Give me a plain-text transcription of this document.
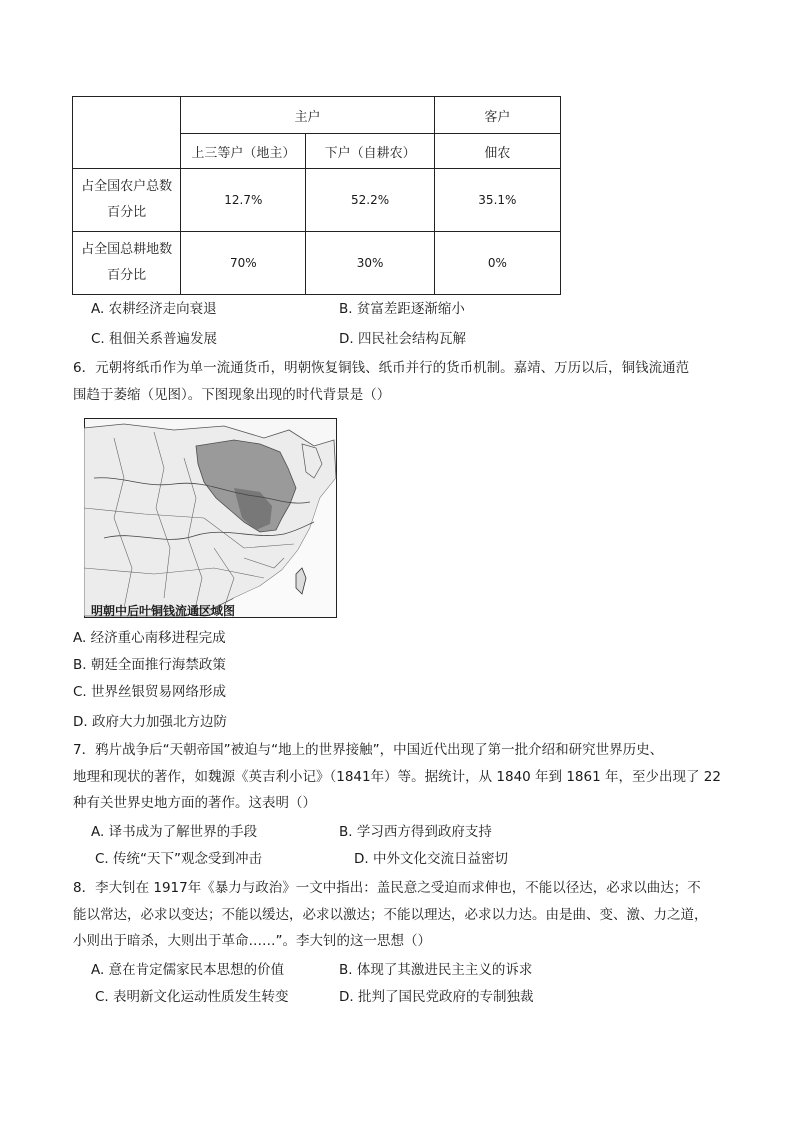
	主户		客户
	上三等户（地主）	下户（自耕农）	佃农

占全国农户总数
百分比	12.7%	52.2%	35.1%

占全国总耕地数
百分比	70%	30%	0%
A. 农耕经济走向衰退	B. 贫富差距逐渐缩小
C. 租佃关系普遍发展	D. 四民社会结构瓦解
6．元朝将纸币作为单一流通货币，明朝恢复铜钱、纸币并行的货币机制。嘉靖、万历以后，铜钱流通范
围趋于萎缩（见图）。下图现象出现的时代背景是（）
明朝中后叶铜钱流通区域图
A. 经济重心南移进程完成
B. 朝廷全面推行海禁政策
C. 世界丝银贸易网络形成
D. 政府大力加强北方边防
7．鸦片战争后“天朝帝国”被迫与“地上的世界接触”，中国近代出现了第一批介绍和研究世界历史、
地理和现状的著作，如魏源《英吉利小记》（1841年）等。据统计，从 1840 年到 1861 年，至少出现了 22
种有关世界史地方面的著作。这表明（）
A. 译书成为了解世界的手段	B. 学习西方得到政府支持
C. 传统“天下”观念受到冲击	D. 中外文化交流日益密切
8．李大钊在 1917年《暴力与政治》一文中指出：盖民意之受迫而求伸也，不能以径达，必求以曲达；不
能以常达，必求以变达；不能以缓达，必求以激达；不能以理达，必求以力达。由是曲、变、激、力之道，
小则出于暗杀，大则出于革命……”。李大钊的这一思想（）
A. 意在肯定儒家民本思想的价值	B. 体现了其激进民主主义的诉求
C. 表明新文化运动性质发生转变	D. 批判了国民党政府的专制独裁
